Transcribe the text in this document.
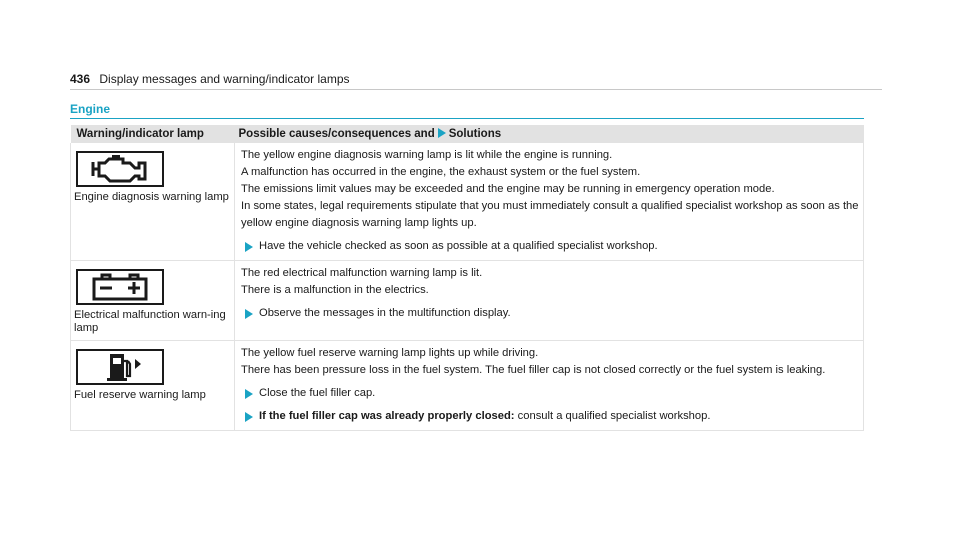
436 Display messages and warning/indicator lamps
Engine
Warning/indicator lamp	Possible causes/consequences and Solutions

Engine diagnosis warning lamp	The yellow engine diagnosis warning lamp is lit while the engine is running.

A malfunction has occurred in the engine, the exhaust system or the fuel system.

The emissions limit values may be exceeded and the engine may be running in emergency operation mode.

In some states, legal requirements stipulate that you must immediately consult a qualified specialist workshop as soon as the yellow engine diagnosis warning lamp lights up.

Have the vehicle checked as soon as possible at a qualified specialist workshop.

Electrical malfunction warn-ing lamp	The red electrical malfunction warning lamp is lit.

There is a malfunction in the electrics.

Observe the messages in the multifunction display.

Fuel reserve warning lamp	The yellow fuel reserve warning lamp lights up while driving.

There has been pressure loss in the fuel system. The fuel filler cap is not closed correctly or the fuel system is leaking.

Close the fuel filler cap.

If the fuel filler cap was already properly closed: consult a qualified specialist workshop.
